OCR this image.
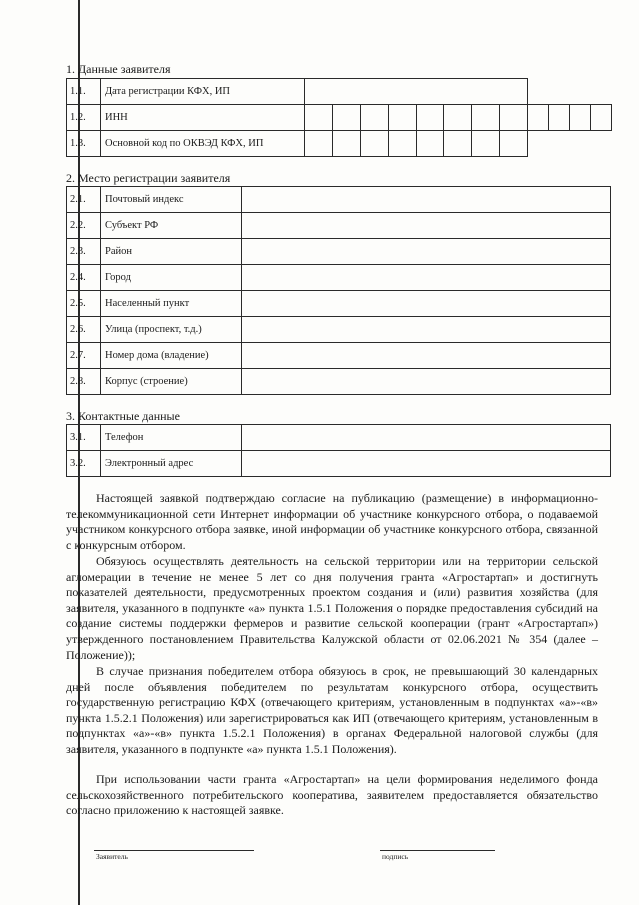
1. Данные заявителя
1.1.	Дата регистрации КФХ, ИП												
1.2.	ИНН												
1.3.	Основной код по ОКВЭД КФХ, ИП												
2. Место регистрации заявителя
2.1.	Почтовый индекс	
2.2.	Субъект РФ	
2.3.	Район	
2.4.	Город	
2.5.	Населенный пункт	
2.6.	Улица (проспект, т.д.)	
2.7.	Номер дома (владение)	
2.8.	Корпус (строение)	
3. Контактные данные
3.1.	Телефон	
3.2.	Электронный адрес	

Настоящей заявкой подтверждаю согласие на публикацию (размещение) в информационно-телекоммуникационной сети Интернет информации об участнике конкурсного отбора, о подаваемой участником конкурсного отбора заявке, иной информации об участнике конкурсного отбора, связанной с конкурсным отбором.

Обязуюсь осуществлять деятельность на сельской территории или на территории сельской агломерации в течение не менее 5 лет со дня получения гранта «Агростартап» и достигнуть показателей деятельности, предусмотренных проектом создания и (или) развития хозяйства (для заявителя, указанного в подпункте «а» пункта 1.5.1 Положения о порядке предоставления субсидий на создание системы поддержки фермеров и развитие сельской кооперации (грант «Агростартап») утвержденного постановлением Правительства Калужской области от 02.06.2021 № 354 (далее – Положение));

В случае признания победителем отбора обязуюсь в срок, не превышающий 30 календарных дней после объявления победителем по результатам конкурсного отбора, осуществить государственную регистрацию КФХ (отвечающего критериям, установленным в подпунктах «а»-«в» пункта 1.5.2.1 Положения) или зарегистрироваться как ИП (отвечающего критериям, установленным в подпунктах «а»-«в» пункта 1.5.2.1 Положения) в органах Федеральной налоговой службы (для заявителя, указанного в подпункте «а» пункта 1.5.1 Положения).

При использовании части гранта «Агростартап» на цели формирования неделимого фонда сельскохозяйственного потребительского кооператива, заявителем предоставляется обязательство согласно приложению к настоящей заявке.

Заявитель	подпись
